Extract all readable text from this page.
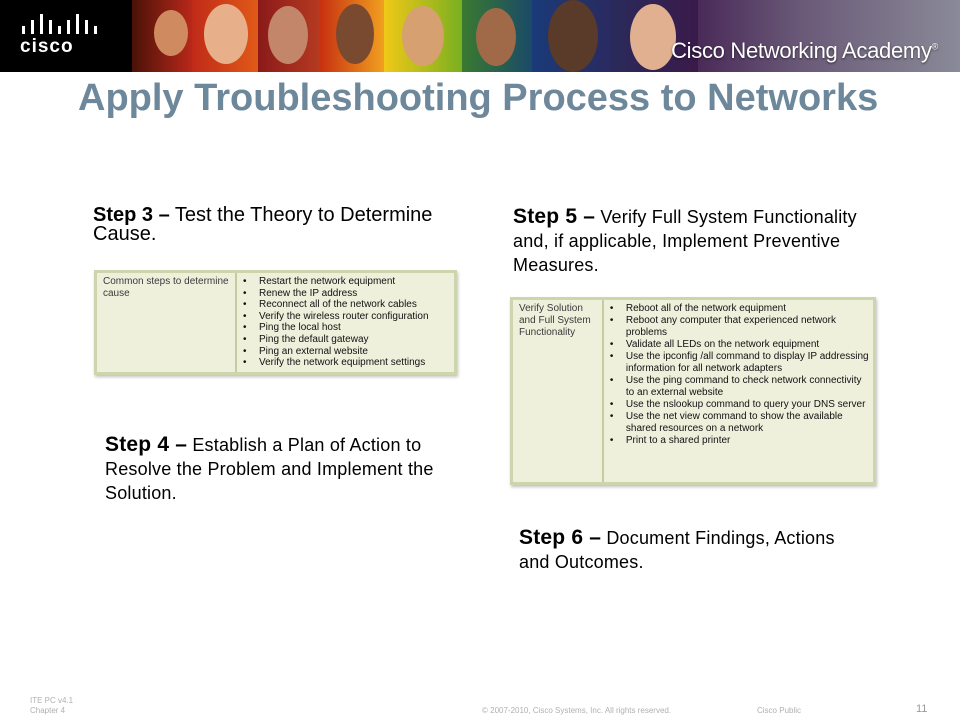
cisco	Cisco Networking Academy®
Apply Troubleshooting Process to Networks

Step 3 – Test the Theory to Determine Cause.

Common steps to determine cause
• Restart the network equipment
• Renew the IP address
• Reconnect all of the network cables
• Verify the wireless router configuration
• Ping the local host
• Ping the default gateway
• Ping an external website
• Verify the network equipment settings

Step 5 – Verify Full System Functionality and, if applicable, Implement Preventive Measures.

Verify Solution and Full System Functionality
• Reboot all of the network equipment
• Reboot any computer that experienced network problems
• Validate all LEDs on the network equipment
• Use the ipconfig /all command to display IP addressing information for all network adapters
• Use the ping command to check network connectivity to an external website
• Use the nslookup command to query your DNS server
• Use the net view command to show the available shared resources on a network
• Print to a shared printer

Step 4 – Establish a Plan of Action to Resolve the Problem and Implement the Solution.

Step 6 – Document Findings, Actions and Outcomes.

ITE PC v4.1
Chapter 4	© 2007-2010, Cisco Systems, Inc. All rights reserved.	Cisco Public	11
